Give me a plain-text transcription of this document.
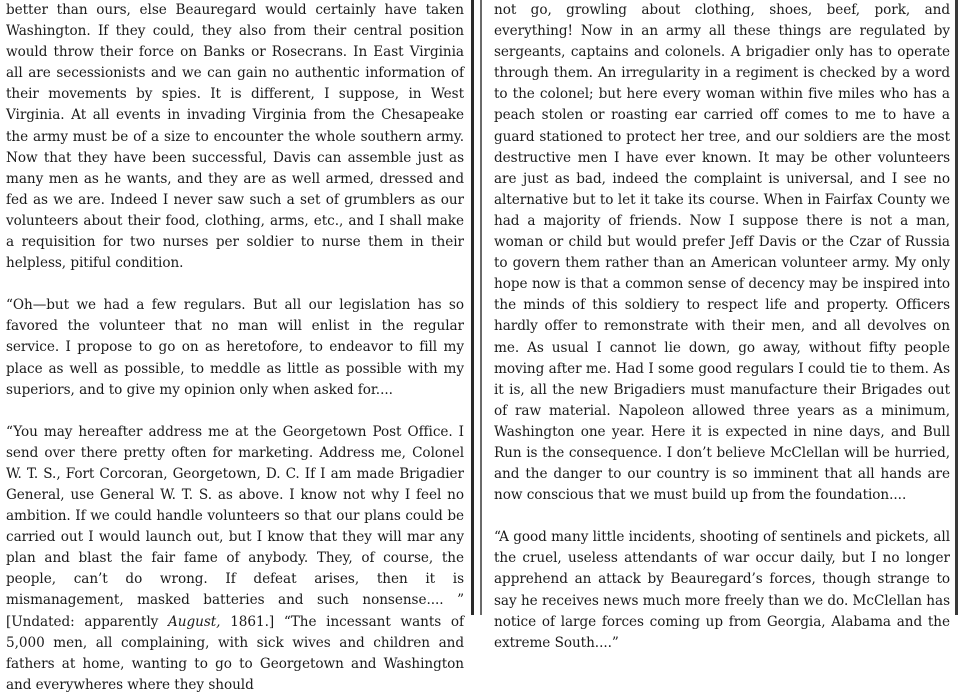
better than ours, else Beauregard would certainly have taken Washington. If they could, they also from their central position would throw their force on Banks or Rosecrans. In East Virginia all are secessionists and we can gain no authentic information of their movements by spies. It is different, I suppose, in West Virginia. At all events in invading Virginia from the Chesapeake the army must be of a size to encounter the whole southern army. Now that they have been successful, Davis can assemble just as many men as he wants, and they are as well armed, dressed and fed as we are. Indeed I never saw such a set of grumblers as our volunteers about their food, clothing, arms, etc., and I shall make a requisition for two nurses per soldier to nurse them in their helpless, pitiful condition.

“Oh—but we had a few regulars. But all our legislation has so favored the volunteer that no man will enlist in the regular service. I propose to go on as heretofore, to endeavor to fill my place as well as possible, to meddle as little as possible with my superiors, and to give my opinion only when asked for....

“You may hereafter address me at the Georgetown Post Office. I send over there pretty often for marketing. Address me, Colonel W. T. S., Fort Corcoran, Georgetown, D. C. If I am made Brigadier General, use General W. T. S. as above. I know not why I feel no ambition. If we could handle volunteers so that our plans could be carried out I would launch out, but I know that they will mar any plan and blast the fair fame of anybody. They, of course, the people, can’t do wrong. If defeat arises, then it is mismanagement, masked batteries and such nonsense.... ” [Undated: apparently August, 1861.] “The incessant wants of 5,000 men, all complaining, with sick wives and children and fathers at home, wanting to go to Georgetown and Washington and everywheres where they should

not go, growling about clothing, shoes, beef, pork, and everything! Now in an army all these things are regulated by sergeants, captains and colonels. A brigadier only has to operate through them. An irregularity in a regiment is checked by a word to the colonel; but here every woman within five miles who has a peach stolen or roasting ear carried off comes to me to have a guard stationed to protect her tree, and our soldiers are the most destructive men I have ever known. It may be other volunteers are just as bad, indeed the complaint is universal, and I see no alternative but to let it take its course. When in Fairfax County we had a majority of friends. Now I suppose there is not a man, woman or child but would prefer Jeff Davis or the Czar of Russia to govern them rather than an American volunteer army. My only hope now is that a common sense of decency may be inspired into the minds of this soldiery to respect life and property. Officers hardly offer to remonstrate with their men, and all devolves on me. As usual I cannot lie down, go away, without fifty people moving after me. Had I some good regulars I could tie to them. As it is, all the new Brigadiers must manufacture their Brigades out of raw material. Napoleon allowed three years as a minimum, Washington one year. Here it is expected in nine days, and Bull Run is the consequence. I don’t believe McClellan will be hurried, and the danger to our country is so imminent that all hands are now conscious that we must build up from the foundation....

“A good many little incidents, shooting of sentinels and pickets, all the cruel, useless attendants of war occur daily, but I no longer apprehend an attack by Beauregard’s forces, though strange to say he receives news much more freely than we do. McClellan has notice of large forces coming up from Georgia, Alabama and the extreme South....”
